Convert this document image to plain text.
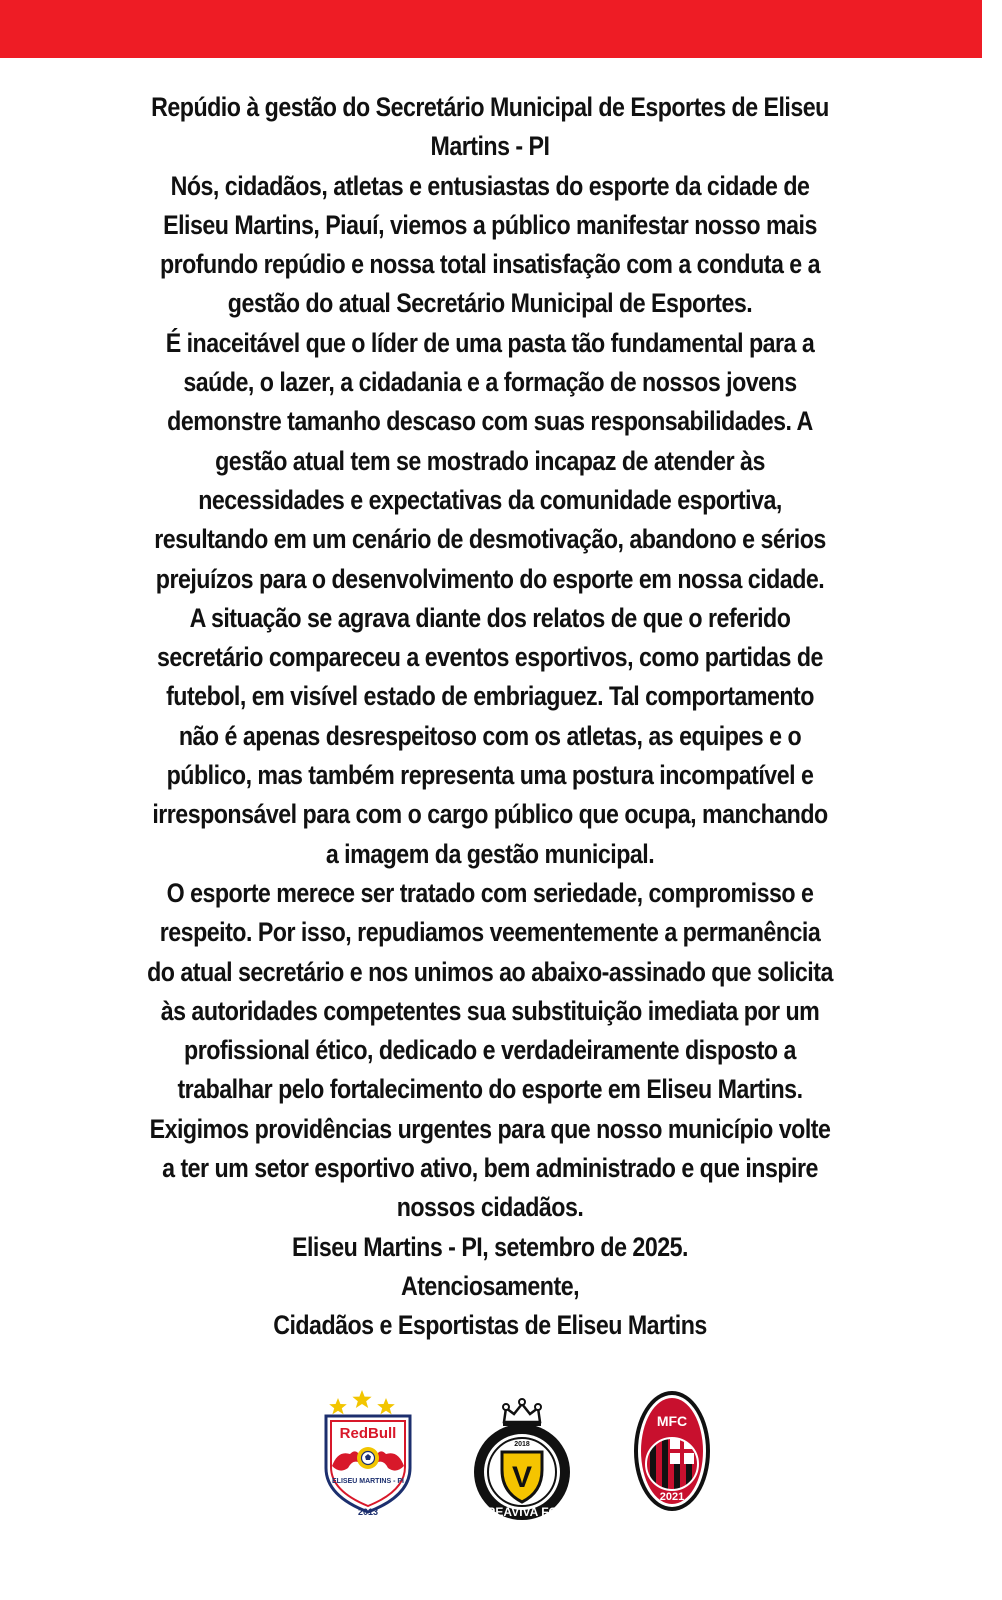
Repúdio à gestão do Secretário Municipal de Esportes de Eliseu Martins - PI

Nós, cidadãos, atletas e entusiastas do esporte da cidade de Eliseu Martins, Piauí, viemos a público manifestar nosso mais profundo repúdio e nossa total insatisfação com a conduta e a gestão do atual Secretário Municipal de Esportes.

É inaceitável que o líder de uma pasta tão fundamental para a saúde, o lazer, a cidadania e a formação de nossos jovens demonstre tamanho descaso com suas responsabilidades. A gestão atual tem se mostrado incapaz de atender às necessidades e expectativas da comunidade esportiva, resultando em um cenário de desmotivação, abandono e sérios prejuízos para o desenvolvimento do esporte em nossa cidade.

A situação se agrava diante dos relatos de que o referido secretário compareceu a eventos esportivos, como partidas de futebol, em visível estado de embriaguez. Tal comportamento não é apenas desrespeitoso com os atletas, as equipes e o público, mas também representa uma postura incompatível e irresponsável para com o cargo público que ocupa, manchando a imagem da gestão municipal.

O esporte merece ser tratado com seriedade, compromisso e respeito. Por isso, repudiamos veementemente a permanência do atual secretário e nos unimos ao abaixo-assinado que solicita às autoridades competentes sua substituição imediata por um profissional ético, dedicado e verdadeiramente disposto a trabalhar pelo fortalecimento do esporte em Eliseu Martins.

Exigimos providências urgentes para que nosso município volte a ter um setor esportivo ativo, bem administrado e que inspire nossos cidadãos.

Eliseu Martins - PI, setembro de 2025.

Atenciosamente,

Cidadãos e Esportistas de Eliseu Martins

RedBull
ELISEU MARTINS - PI
2013
2018
V
REAVIVA FC
MFC
2021
